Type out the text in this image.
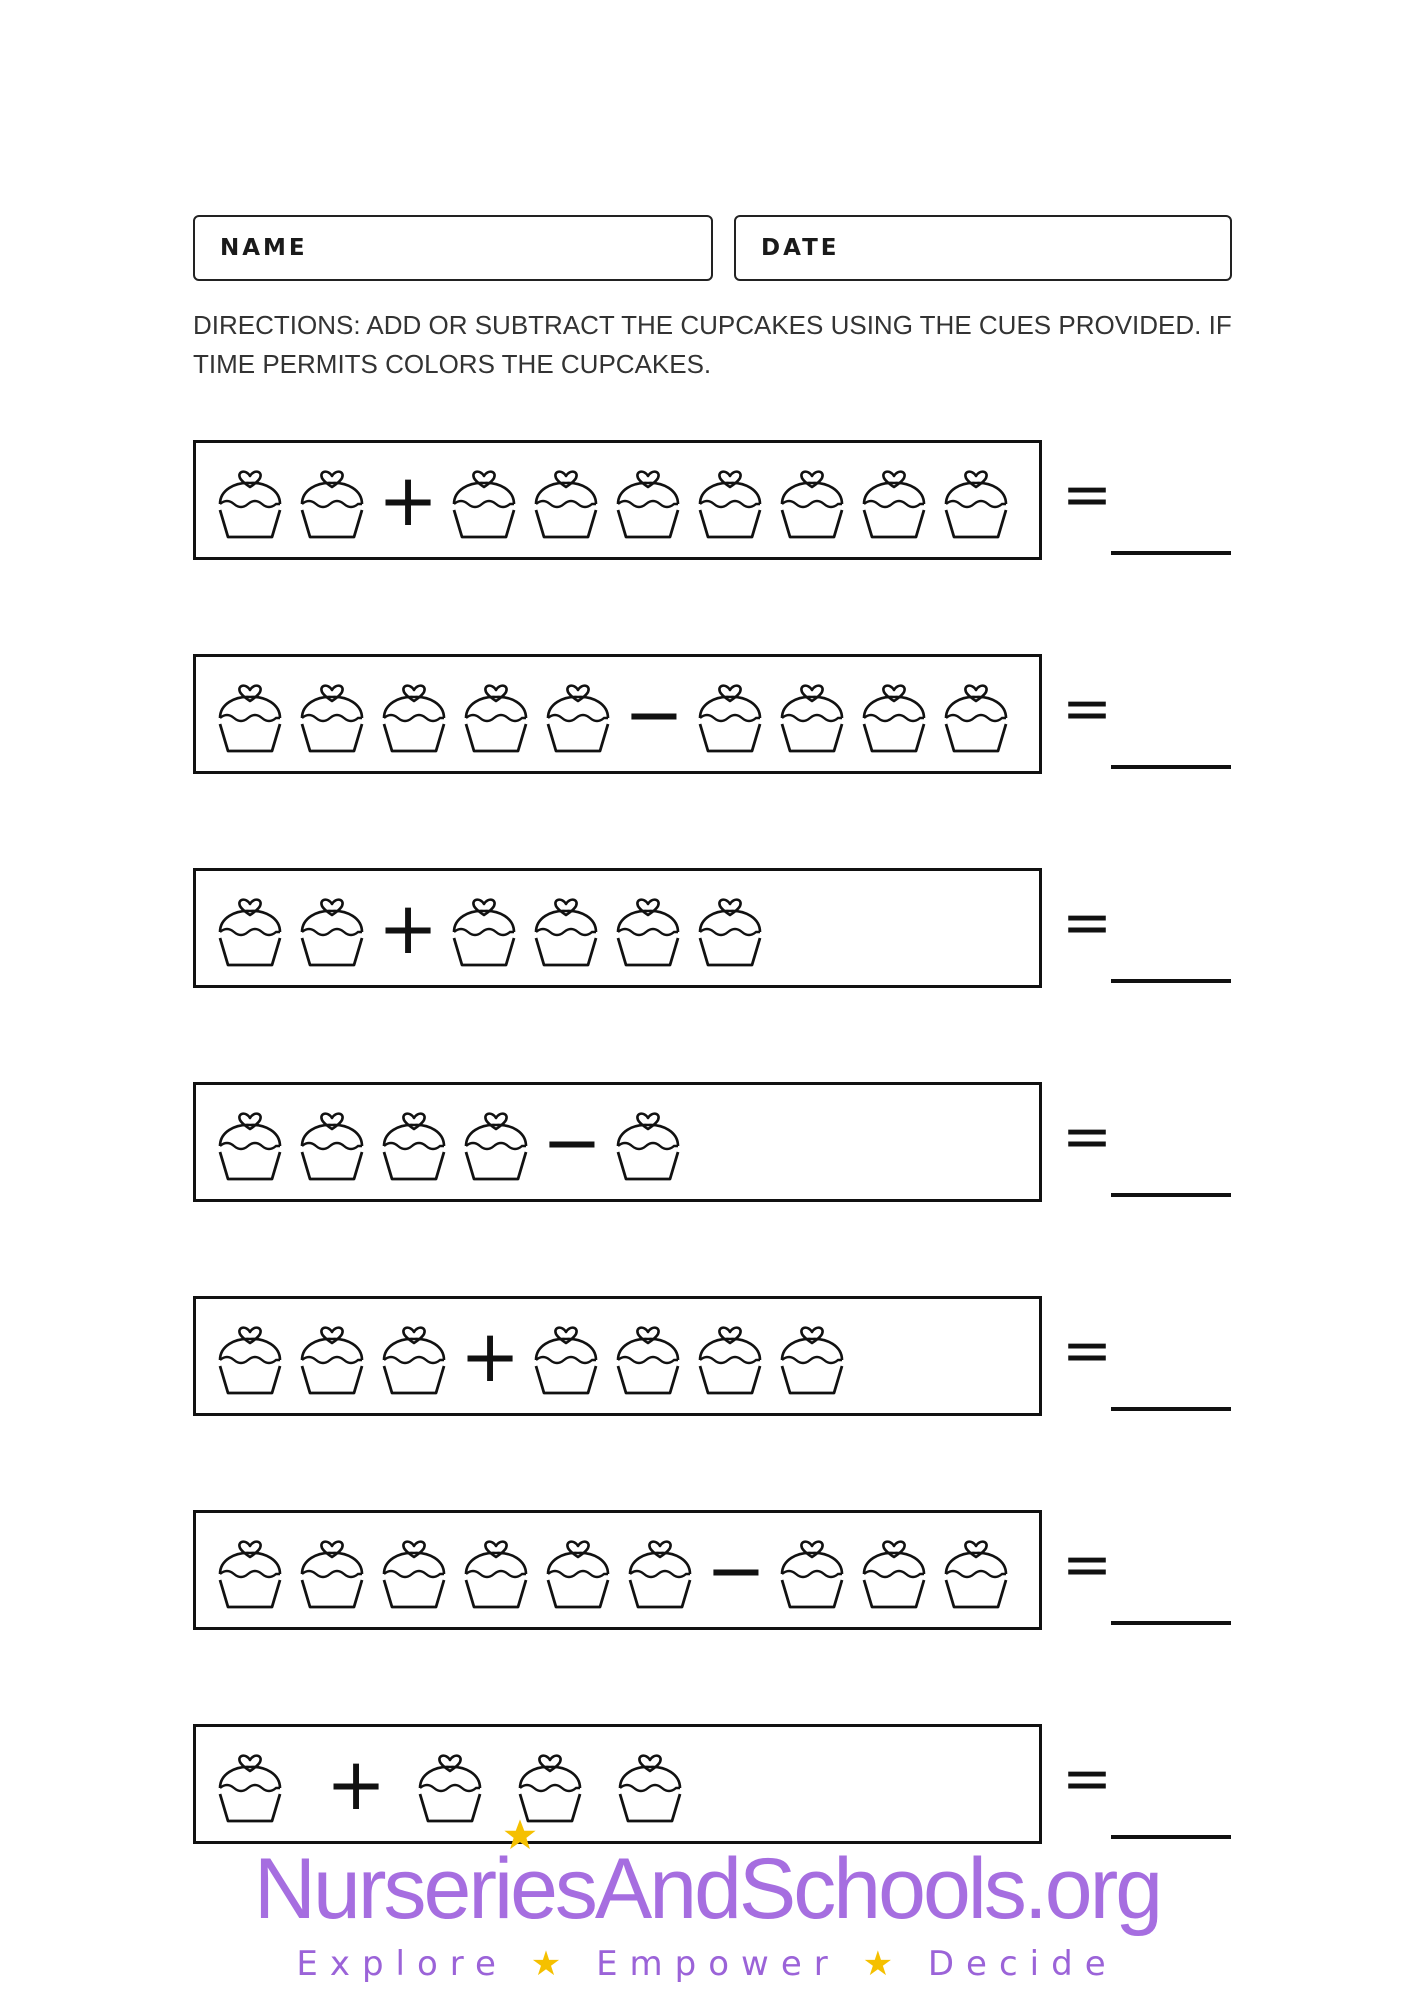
NAME	DATE
DIRECTIONS: ADD OR SUBTRACT THE CUPCAKES USING THE CUES PROVIDED. IF TIME PERMITS COLORS THE CUPCAKES.
+	=
−	=
+	=
−	=
+	=
−	=
+	=
NurseriesAndSchools.org
Explore ★ Empower ★ Decide
